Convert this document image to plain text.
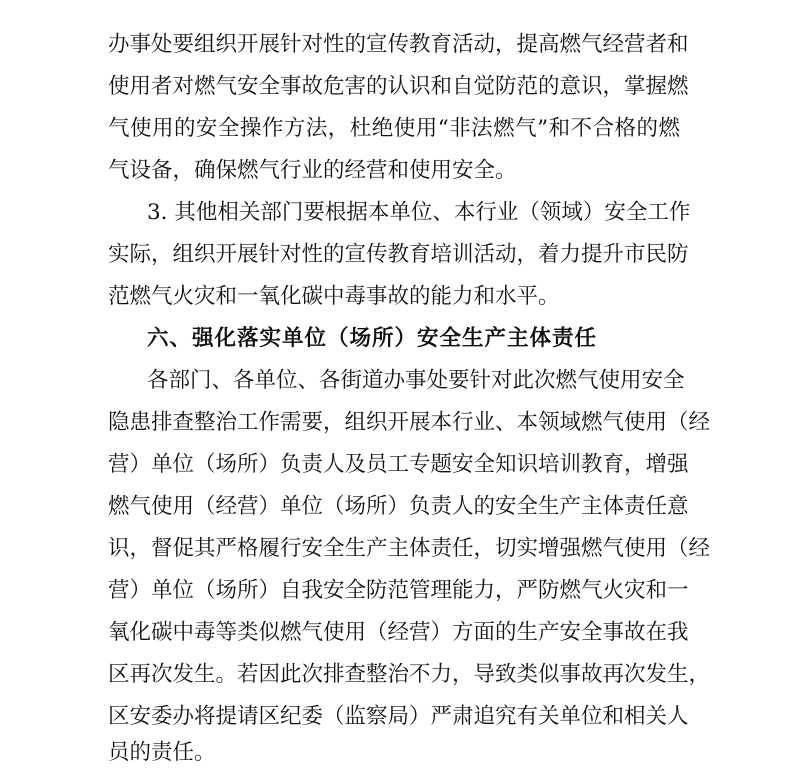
办事处要组织开展针对性的宣传教育活动，提高燃气经营者和
使用者对燃气安全事故危害的认识和自觉防范的意识，掌握燃
气使用的安全操作方法，杜绝使用“非法燃气”和不合格的燃
气设备，确保燃气行业的经营和使用安全。
3. 其他相关部门要根据本单位、本行业（领域）安全工作
实际，组织开展针对性的宣传教育培训活动，着力提升市民防
范燃气火灾和一氧化碳中毒事故的能力和水平。
六、强化落实单位（场所）安全生产主体责任
各部门、各单位、各街道办事处要针对此次燃气使用安全
隐患排查整治工作需要，组织开展本行业、本领域燃气使用（经
营）单位（场所）负责人及员工专题安全知识培训教育，增强
燃气使用（经营）单位（场所）负责人的安全生产主体责任意
识，督促其严格履行安全生产主体责任，切实增强燃气使用（经
营）单位（场所）自我安全防范管理能力，严防燃气火灾和一
氧化碳中毒等类似燃气使用（经营）方面的生产安全事故在我
区再次发生。若因此次排查整治不力，导致类似事故再次发生，
区安委办将提请区纪委（监察局）严肃追究有关单位和相关人
员的责任。
